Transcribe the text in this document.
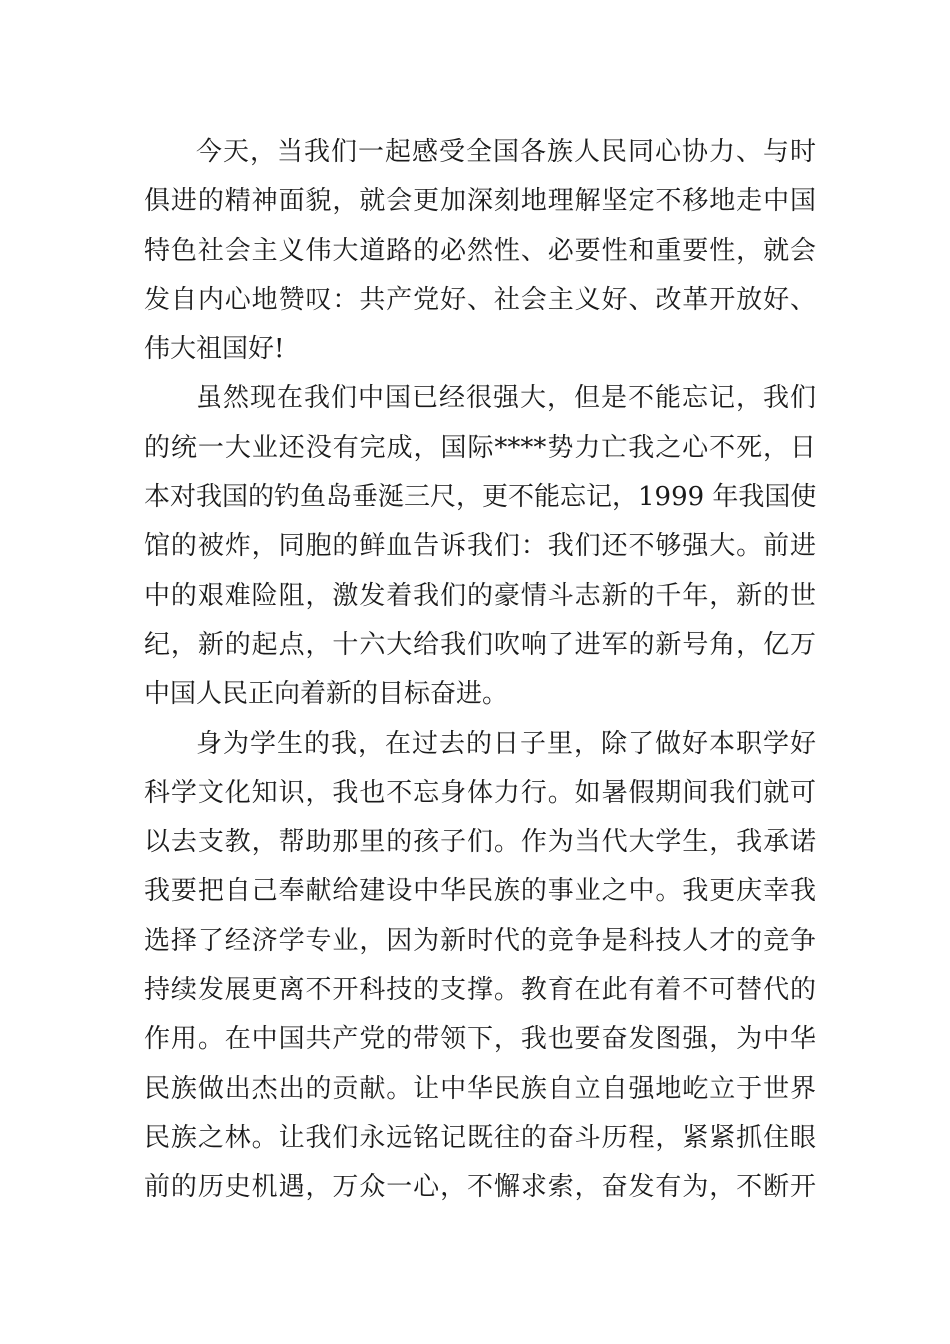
今天，当我们一起感受全国各族人民同心协力、与时
俱进的精神面貌，就会更加深刻地理解坚定不移地走中国
特色社会主义伟大道路的必然性、必要性和重要性，就会
发自内心地赞叹：共产党好、社会主义好、改革开放好、
伟大祖国好!
虽然现在我们中国已经很强大，但是不能忘记，我们
的统一大业还没有完成，国际****势力亡我之心不死，日
本对我国的钓鱼岛垂涎三尺，更不能忘记，1999 年我国使
馆的被炸，同胞的鲜血告诉我们：我们还不够强大。前进
中的艰难险阻，激发着我们的豪情斗志新的千年，新的世
纪，新的起点，十六大给我们吹响了进军的新号角，亿万
中国人民正向着新的目标奋进。
身为学生的我，在过去的日子里，除了做好本职学好
科学文化知识，我也不忘身体力行。如暑假期间我们就可
以去支教，帮助那里的孩子们。作为当代大学生，我承诺
我要把自己奉献给建设中华民族的事业之中。我更庆幸我
选择了经济学专业，因为新时代的竞争是科技人才的竞争
持续发展更离不开科技的支撑。教育在此有着不可替代的
作用。在中国共产党的带领下，我也要奋发图强，为中华
民族做出杰出的贡献。让中华民族自立自强地屹立于世界
民族之林。让我们永远铭记既往的奋斗历程，紧紧抓住眼
前的历史机遇，万众一心，不懈求索，奋发有为，不断开
